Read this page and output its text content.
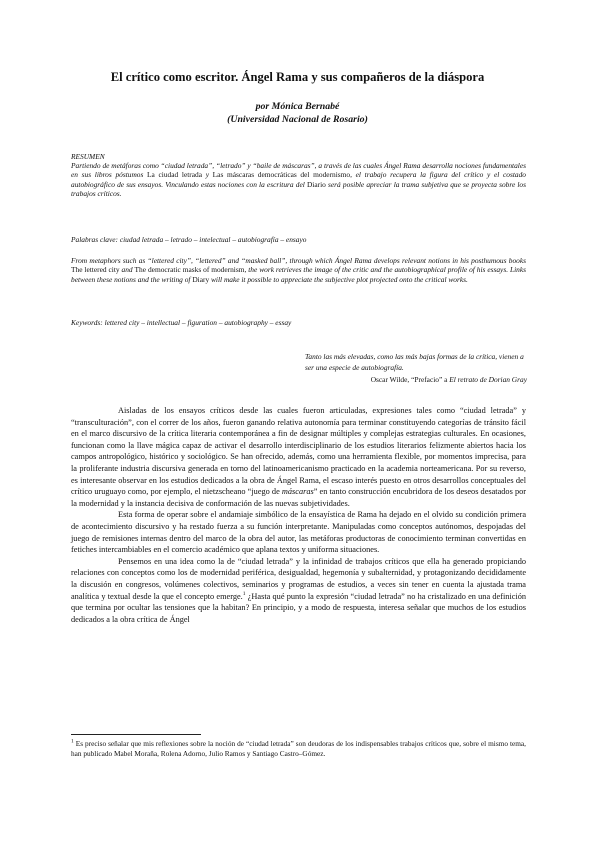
El crítico como escritor. Ángel Rama y sus compañeros de la diáspora
por Mónica Bernabé
(Universidad Nacional de Rosario)
RESUMEN
Partiendo de metáforas como “ciudad letrada”, “letrado” y “baile de máscaras”, a través de las cuales Ángel Rama desarrolla nociones fundamentales en sus libros póstumos La ciudad letrada y Las máscaras democráticas del modernismo, el trabajo recupera la figura del crítico y el costado autobiográfico de sus ensayos. Vinculando estas nociones con la escritura del Diario será posible apreciar la trama subjetiva que se proyecta sobre los trabajos críticos.
Palabras clave: ciudad letrada – letrado – intelectual – autobiografía – ensayo
From metaphors such as “lettered city”, “lettered” and “masked ball”, through which Ángel Rama develops relevant notions in his posthumous books The lettered city and The democratic masks of modernism, the work retrieves the image of the critic and the autobiographical profile of his essays. Links between these notions and the writing of Diary will make it possible to appreciate the subjective plot projected onto the critical works.
Keywords: lettered city – intellectual – figuration – autobiography – essay
Tanto las más elevadas, como las más bajas formas de la crítica, vienen a ser una especie de autobiografía.
Oscar Wilde, “Prefacio” a El retrato de Dorian Gray

Aisladas de los ensayos críticos desde las cuales fueron articuladas, expresiones tales como “ciudad letrada” y “transculturación”, con el correr de los años, fueron ganando relativa autonomía para terminar constituyendo categorías de tránsito fácil en el marco discursivo de la crítica literaria contemporánea a fin de designar múltiples y complejas estrategias culturales. En ocasiones, funcionan como la llave mágica capaz de activar el desarrollo interdisciplinario de los estudios literarios felizmente abiertos hacia los campos antropológico, histórico y sociológico. Se han ofrecido, además, como una herramienta flexible, por momentos imprecisa, para la proliferante industria discursiva generada en torno del latinoamericanismo practicado en la academia norteamericana. Por su reverso, es interesante observar en los estudios dedicados a la obra de Ángel Rama, el escaso interés puesto en otros desarrollos conceptuales del crítico uruguayo como, por ejemplo, el nietzscheano “juego de máscaras” en tanto construcción encubridora de los deseos desatados por la modernidad y la instancia decisiva de conformación de las nuevas subjetividades.

Esta forma de operar sobre el andamiaje simbólico de la ensayística de Rama ha dejado en el olvido su condición primera de acontecimiento discursivo y ha restado fuerza a su función interpretante. Manipuladas como conceptos autónomos, despojadas del juego de remisiones internas dentro del marco de la obra del autor, las metáforas productoras de conocimiento terminan convertidas en fetiches intercambiables en el comercio académico que aplana textos y uniforma situaciones.

Pensemos en una idea como la de “ciudad letrada” y la infinidad de trabajos críticos que ella ha generado propiciando relaciones con conceptos como los de modernidad periférica, desigualdad, hegemonía y subalternidad, y protagonizando decididamente la discusión en congresos, volúmenes colectivos, seminarios y programas de estudios, a veces sin tener en cuenta la ajustada trama analítica y textual desde la que el concepto emerge.$^1$ ¿Hasta qué punto la expresión “ciudad letrada” no ha cristalizado en una definición que termina por ocultar las tensiones que la habitan? En principio, y a modo de respuesta, interesa señalar que muchos de los estudios dedicados a la obra crítica de Ángel

$^1$ Es preciso señalar que mis reflexiones sobre la noción de “ciudad letrada” son deudoras de los indispensables trabajos críticos que, sobre el mismo tema, han publicado Mabel Moraña, Rolena Adorno, Julio Ramos y Santiago Castro–Gómez.
